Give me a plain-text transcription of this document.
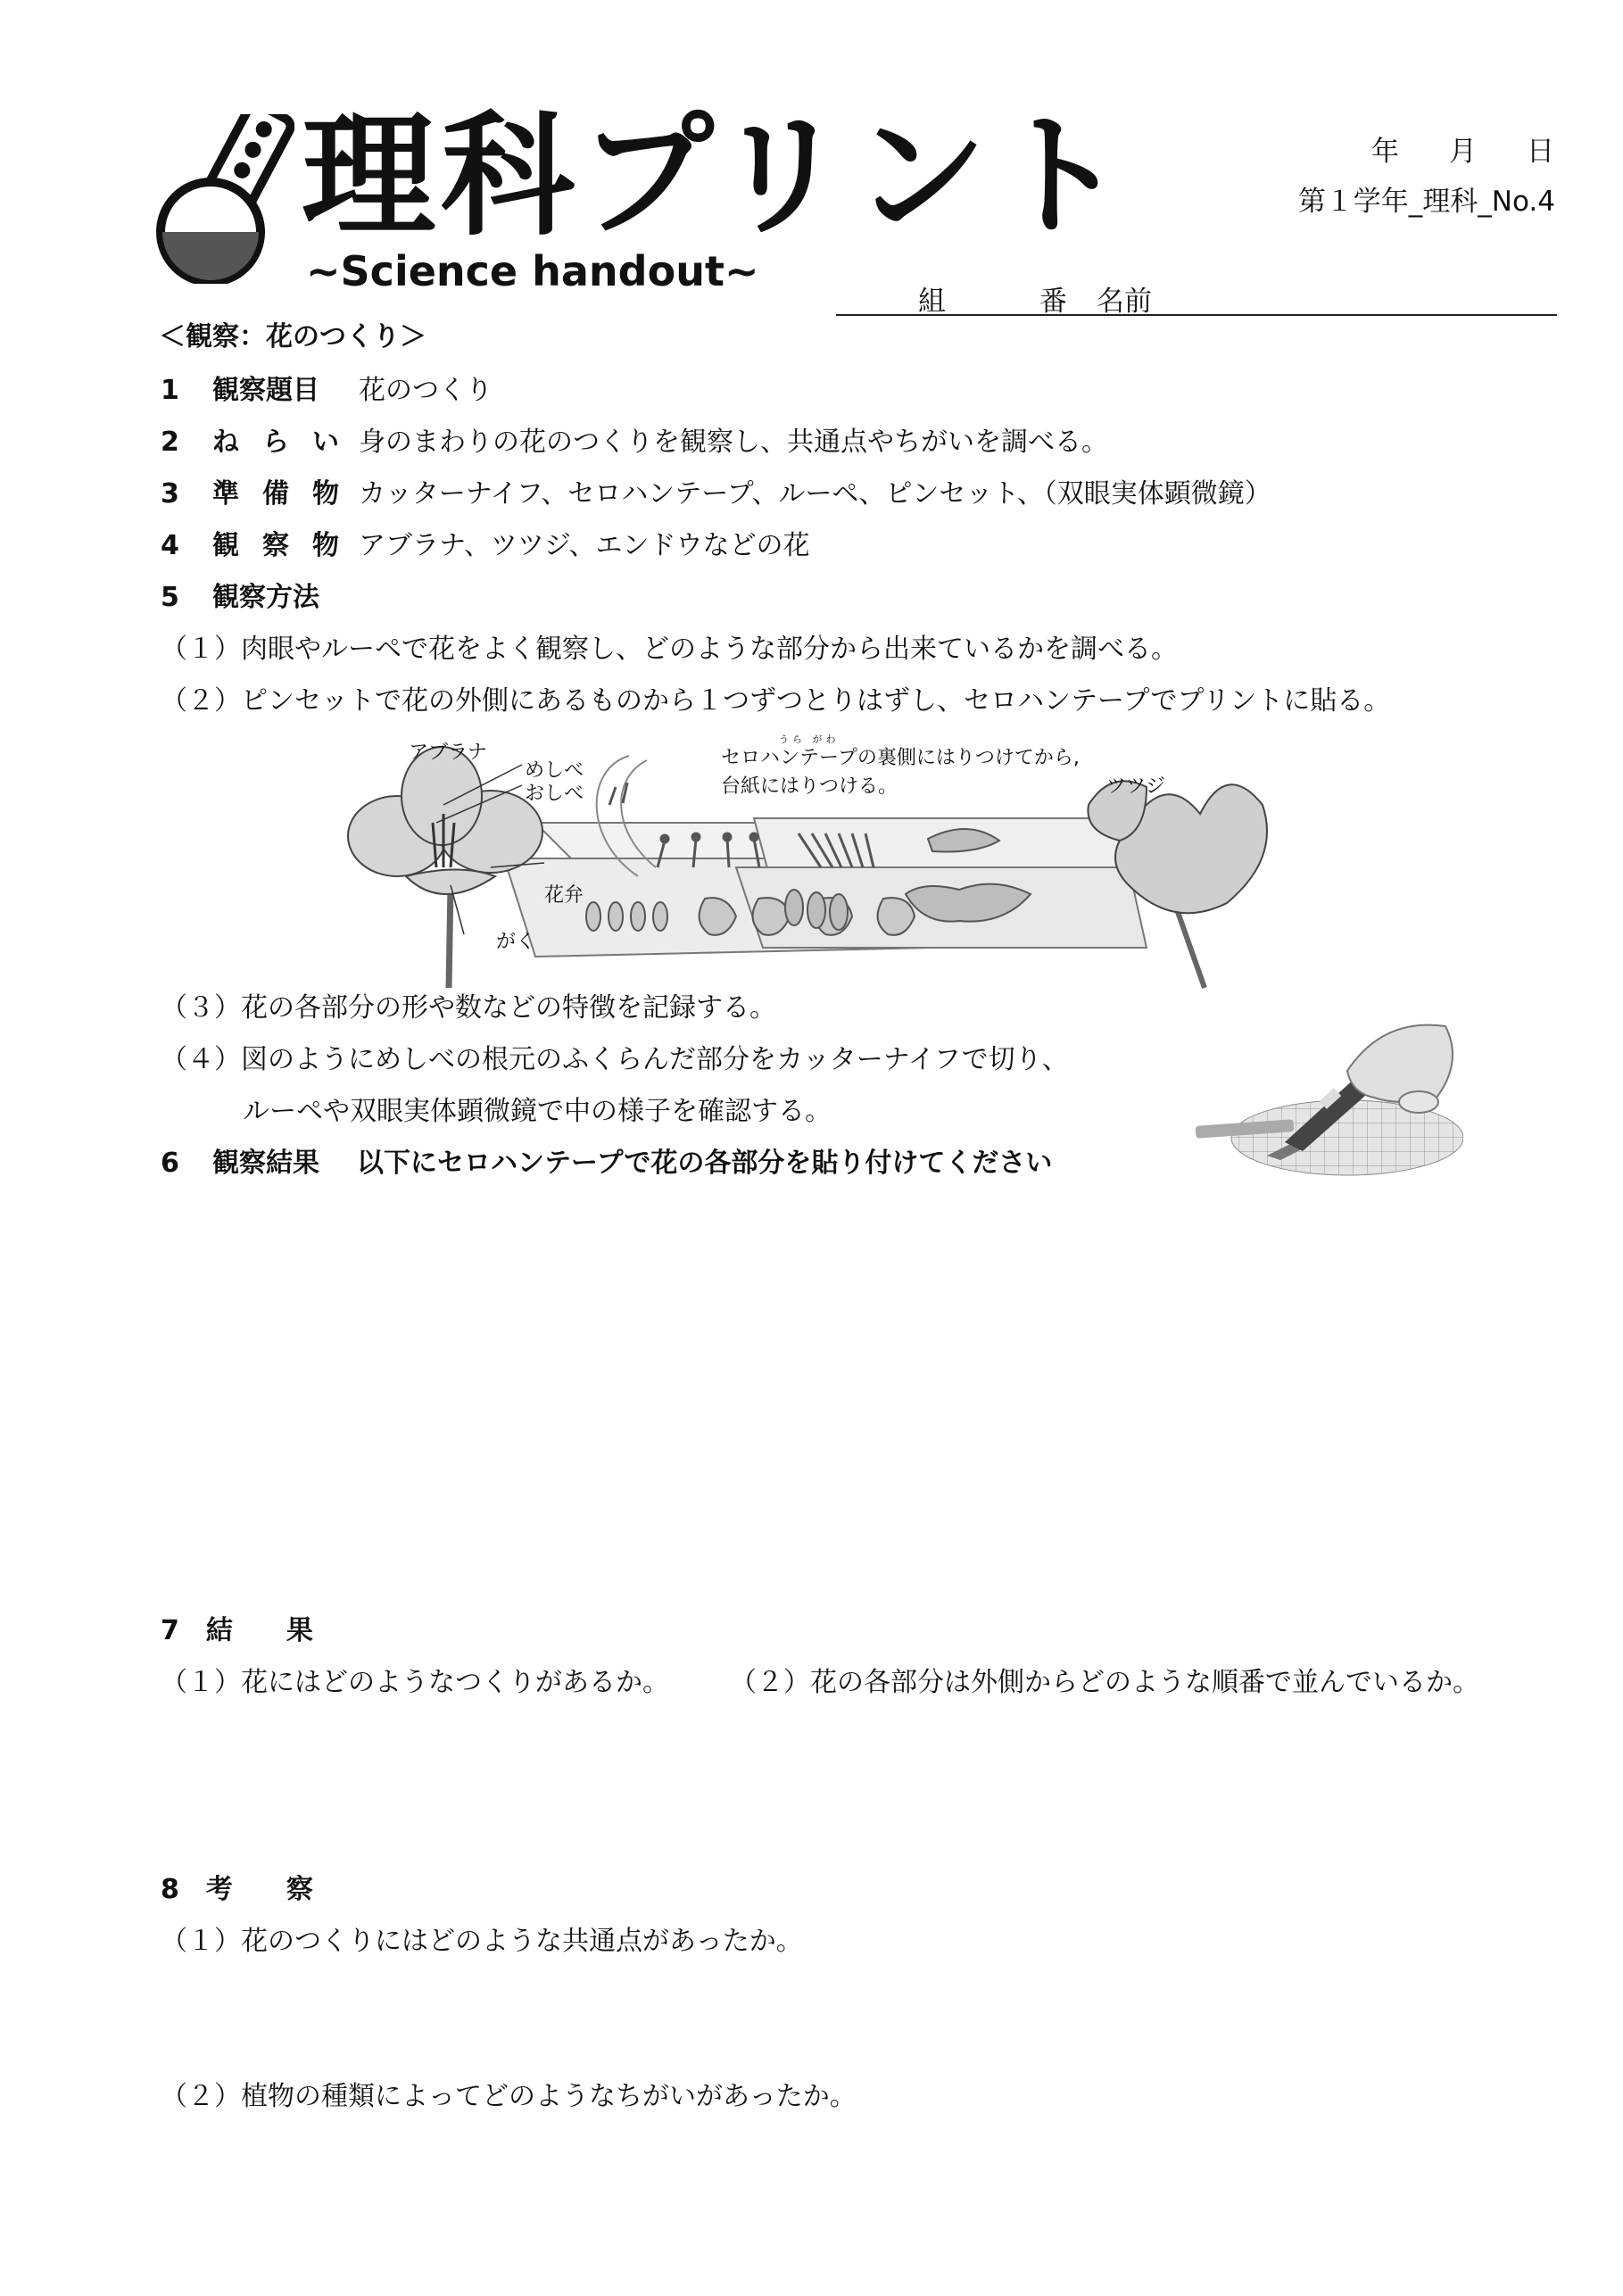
理科プリント
~Science handout~
年 月 日
第１学年_理科_No.4
組	番 名前
＜観察：花のつくり＞
1 観察題目 花のつくり
2 ねらい身のまわりの花のつくりを観察し、共通点やちがいを調べる。
3 準備物カッターナイフ、セロハンテープ、ルーペ、ピンセット、（双眼実体顕微鏡）
4 観察物アブラナ、ツツジ、エンドウなどの花
5 観察方法
（１）肉眼やルーペで花をよく観察し、どのような部分から出来ているかを調べる。
（２）ピンセットで花の外側にあるものから１つずつとりはずし、セロハンテープでプリントに貼る。
アブラナ
めしべ
おしべ
花弁
がく
うら がわ
セロハンテープの裏側にはりつけてから,
台紙にはりつける。	ツツジ
（３）花の各部分の形や数などの特徴を記録する。
（４）図のようにめしべの根元のふくらんだ部分をカッターナイフで切り、
ルーペや双眼実体顕微鏡で中の様子を確認する。
6 観察結果 以下にセロハンテープで花の各部分を貼り付けてください
7　結　　果
（１）花にはどのようなつくりがあるか。 （２）花の各部分は外側からどのような順番で並んでいるか。
8　考　　察
（１）花のつくりにはどのような共通点があったか。
（２）植物の種類によってどのようなちがいがあったか。
